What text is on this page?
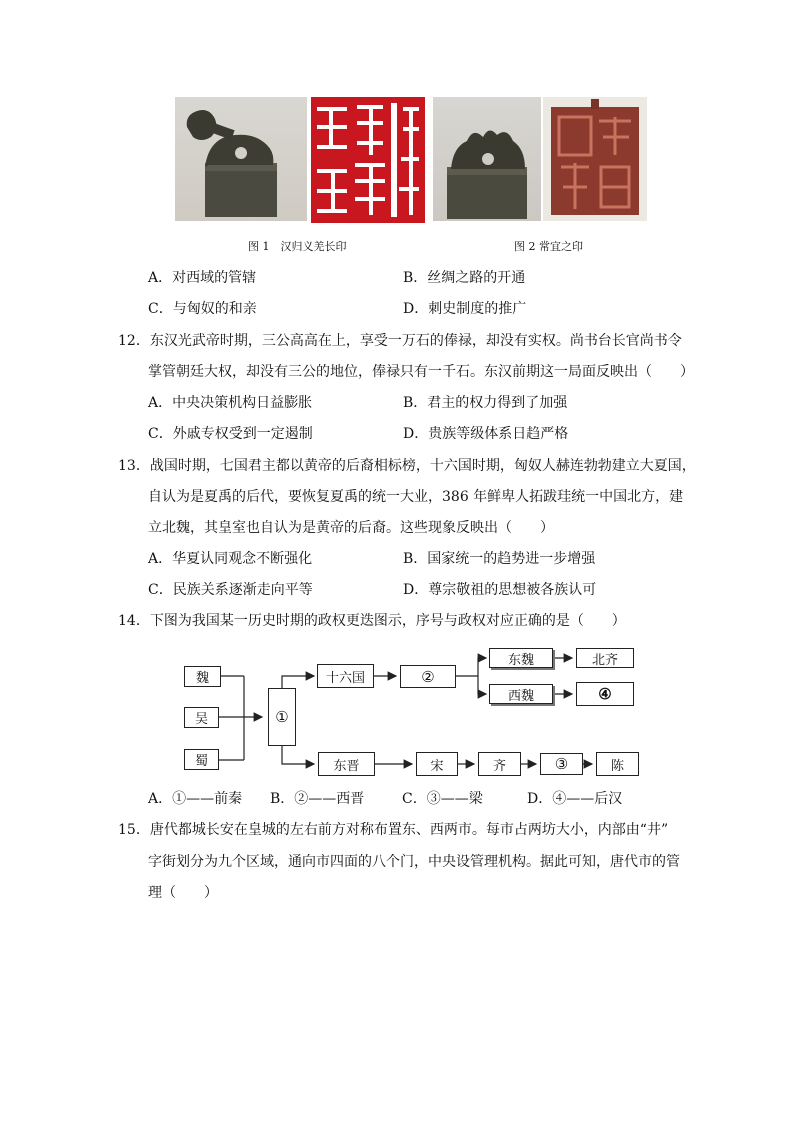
图 1　汉归义羌长印	图 2 常宜之印
A．对西域的管辖	B．丝绸之路的开通
C．与匈奴的和亲	D．刺史制度的推广
12．东汉光武帝时期，三公高高在上，享受一万石的俸禄，却没有实权。尚书台长官尚书令
掌管朝廷大权，却没有三公的地位，俸禄只有一千石。东汉前期这一局面反映出（　　）
A．中央决策机构日益膨胀	B．君主的权力得到了加强
C．外戚专权受到一定遏制	D．贵族等级体系日趋严格
13．战国时期，七国君主都以黄帝的后裔相标榜，十六国时期，匈奴人赫连勃勃建立大夏国，
自认为是夏禹的后代，要恢复夏禹的统一大业，386 年鲜卑人拓跋珪统一中国北方，建
立北魏，其皇室也自认为是黄帝的后裔。这些现象反映出（　　）
A．华夏认同观念不断强化	B．国家统一的趋势进一步增强
C．民族关系逐渐走向平等	D．尊宗敬祖的思想被各族认可
14．下图为我国某一历史时期的政权更迭图示，序号与政权对应正确的是（　　）
魏
吴
蜀
①
十六国	②
东魏	北齐
西魏	④
东晋	宋	齐	③	陈
A．①——前秦 B．②——西晋	C．③——梁	D．④——后汉
15．唐代都城长安在皇城的左右前方对称布置东、西两市。每市占两坊大小，内部由“井”
字街划分为九个区域，通向市四面的八个门，中央设管理机构。据此可知，唐代市的管
理（　　）
